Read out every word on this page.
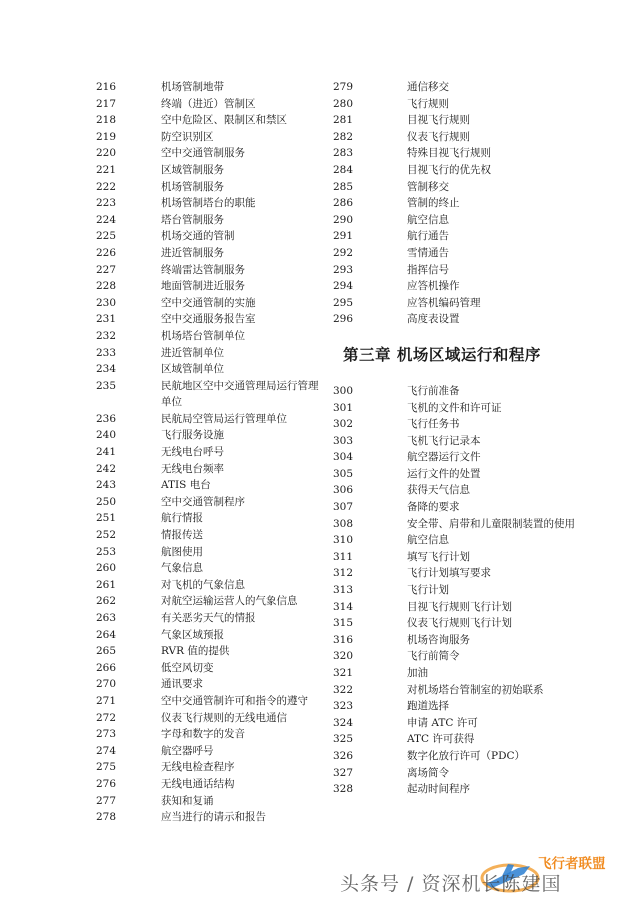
216	机场管制地带
217	终端（进近）管制区
218	空中危险区、限制区和禁区
219	防空识别区
220	空中交通管制服务
221	区域管制服务
222	机场管制服务
223	机场管制塔台的职能
224	塔台管制服务
225	机场交通的管制
226	进近管制服务
227	终端雷达管制服务
228	地面管制进近服务
230	空中交通管制的实施
231	空中交通服务报告室
232	机场塔台管制单位
233	进近管制单位
234	区域管制单位
235	民航地区空中交通管理局运行管理单位
236	民航局空管局运行管理单位
240	飞行服务设施
241	无线电台呼号
242	无线电台频率
243	ATIS 电台
250	空中交通管制程序
251	航行情报
252	情报传送
253	航图使用
260	气象信息
261	对飞机的气象信息
262	对航空运输运营人的气象信息
263	有关恶劣天气的情报
264	气象区域预报
265	RVR 值的提供
266	低空风切变
270	通讯要求
271	空中交通管制许可和指令的遵守
272	仪表飞行规则的无线电通信
273	字母和数字的发音
274	航空器呼号
275	无线电检查程序
276	无线电通话结构
277	获知和复诵
278	应当进行的请示和报告
279	通信移交
280	飞行规则
281	目视飞行规则
282	仪表飞行规则
283	特殊目视飞行规则
284	目视飞行的优先权
285	管制移交
286	管制的终止
290	航空信息
291	航行通告
292	雪情通告
293	指挥信号
294	应答机操作
295	应答机编码管理
296	高度表设置
第三章 机场区域运行和程序
300	飞行前准备
301	飞机的文件和许可证
302	飞行任务书
303	飞机飞行记录本
304	航空器运行文件
305	运行文件的处置
306	获得天气信息
307	备降的要求
308	安全带、肩带和儿童限制装置的使用
310	航空信息
311	填写飞行计划
312	飞行计划填写要求
313	飞行计划
314	目视飞行规则飞行计划
315	仪表飞行规则飞行计划
316	机场咨询服务
320	飞行前简令
321	加油
322	对机场塔台管制室的初始联系
323	跑道选择
324	申请 ATC 许可
325	ATC 许可获得
326	数字化放行许可（PDC）
327	离场简令
328	起动时间程序
飞行者联盟
头条号 / 资深机长陈建国
